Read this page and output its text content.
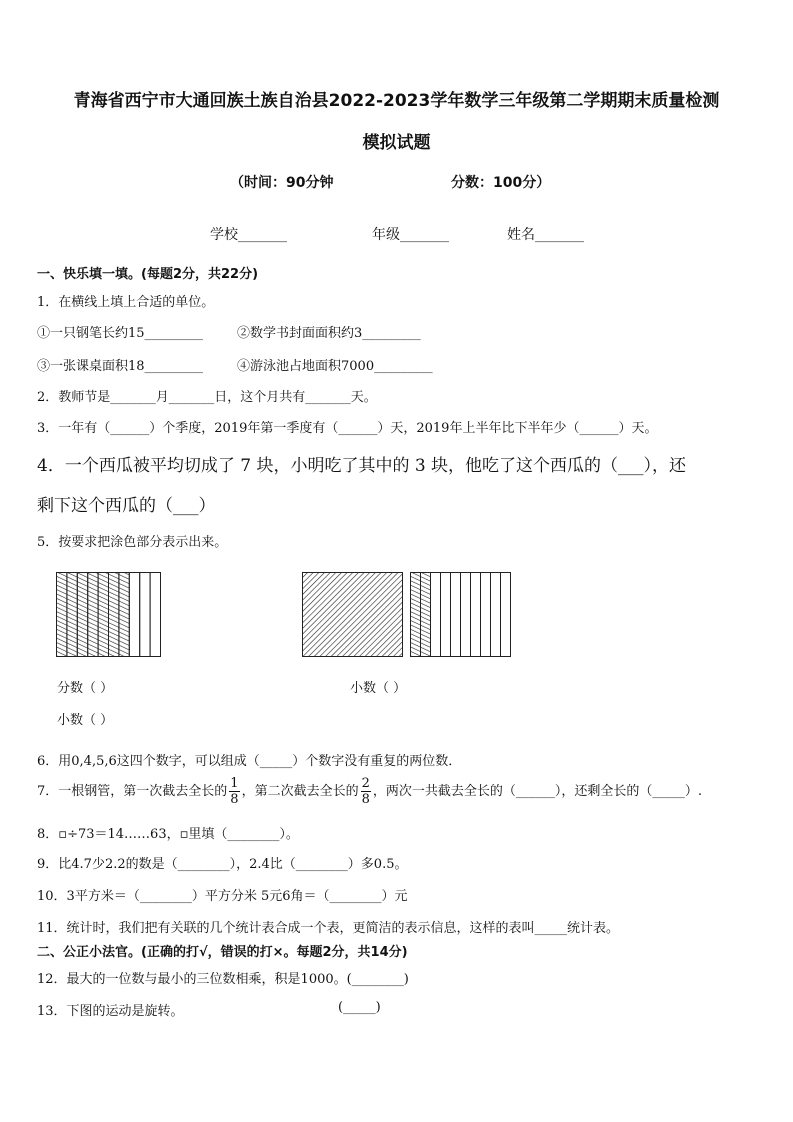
青海省西宁市大通回族土族自治县2022-2023学年数学三年级第二学期期末质量检测
模拟试题
（时间：90分钟	分数：100分）
学校_______	年级_______	姓名_______
一、快乐填一填。(每题2分，共22分)
1．在横线上填上合适的单位。
①一只钢笔长约15_________	②数学书封面面积约3_________
③一张课桌面积18_________	④游泳池占地面积7000_________
2．教师节是_______月_______日，这个月共有_______天。
3．一年有（______）个季度，2019年第一季度有（______）天，2019年上半年比下半年少（______）天。
4．一个西瓜被平均切成了 7 块，小明吃了其中的 3 块，他吃了这个西瓜的（___），还
剩下这个西瓜的（___）
5．按要求把涂色部分表示出来。
分数（ ）
小数（ ）
小数（ ）
6．用0,4,5,6这四个数字，可以组成（_____）个数字没有重复的两位数．
7．一根钢管，第一次截去全长的 $\frac{1}{8}$ ，第二次截去全长的 $\frac{2}{8}$ ，两次一共截去全长的（______），还剩全长的（_____）.
8．▫÷73＝14……63，▫里填（________）。
9．比4.7少2.2的数是（________），2.4比（________）多0.5。
10．3平方米＝（________）平方分米 5元6角＝（________）元
11．统计时，我们把有关联的几个统计表合成一个表，更简洁的表示信息，这样的表叫_____统计表。
二、公正小法官。(正确的打√，错误的打×。每题2分，共14分)
12．最大的一位数与最小的三位数相乘，积是1000。(________)
13．下图的运动是旋转。	(_____)
